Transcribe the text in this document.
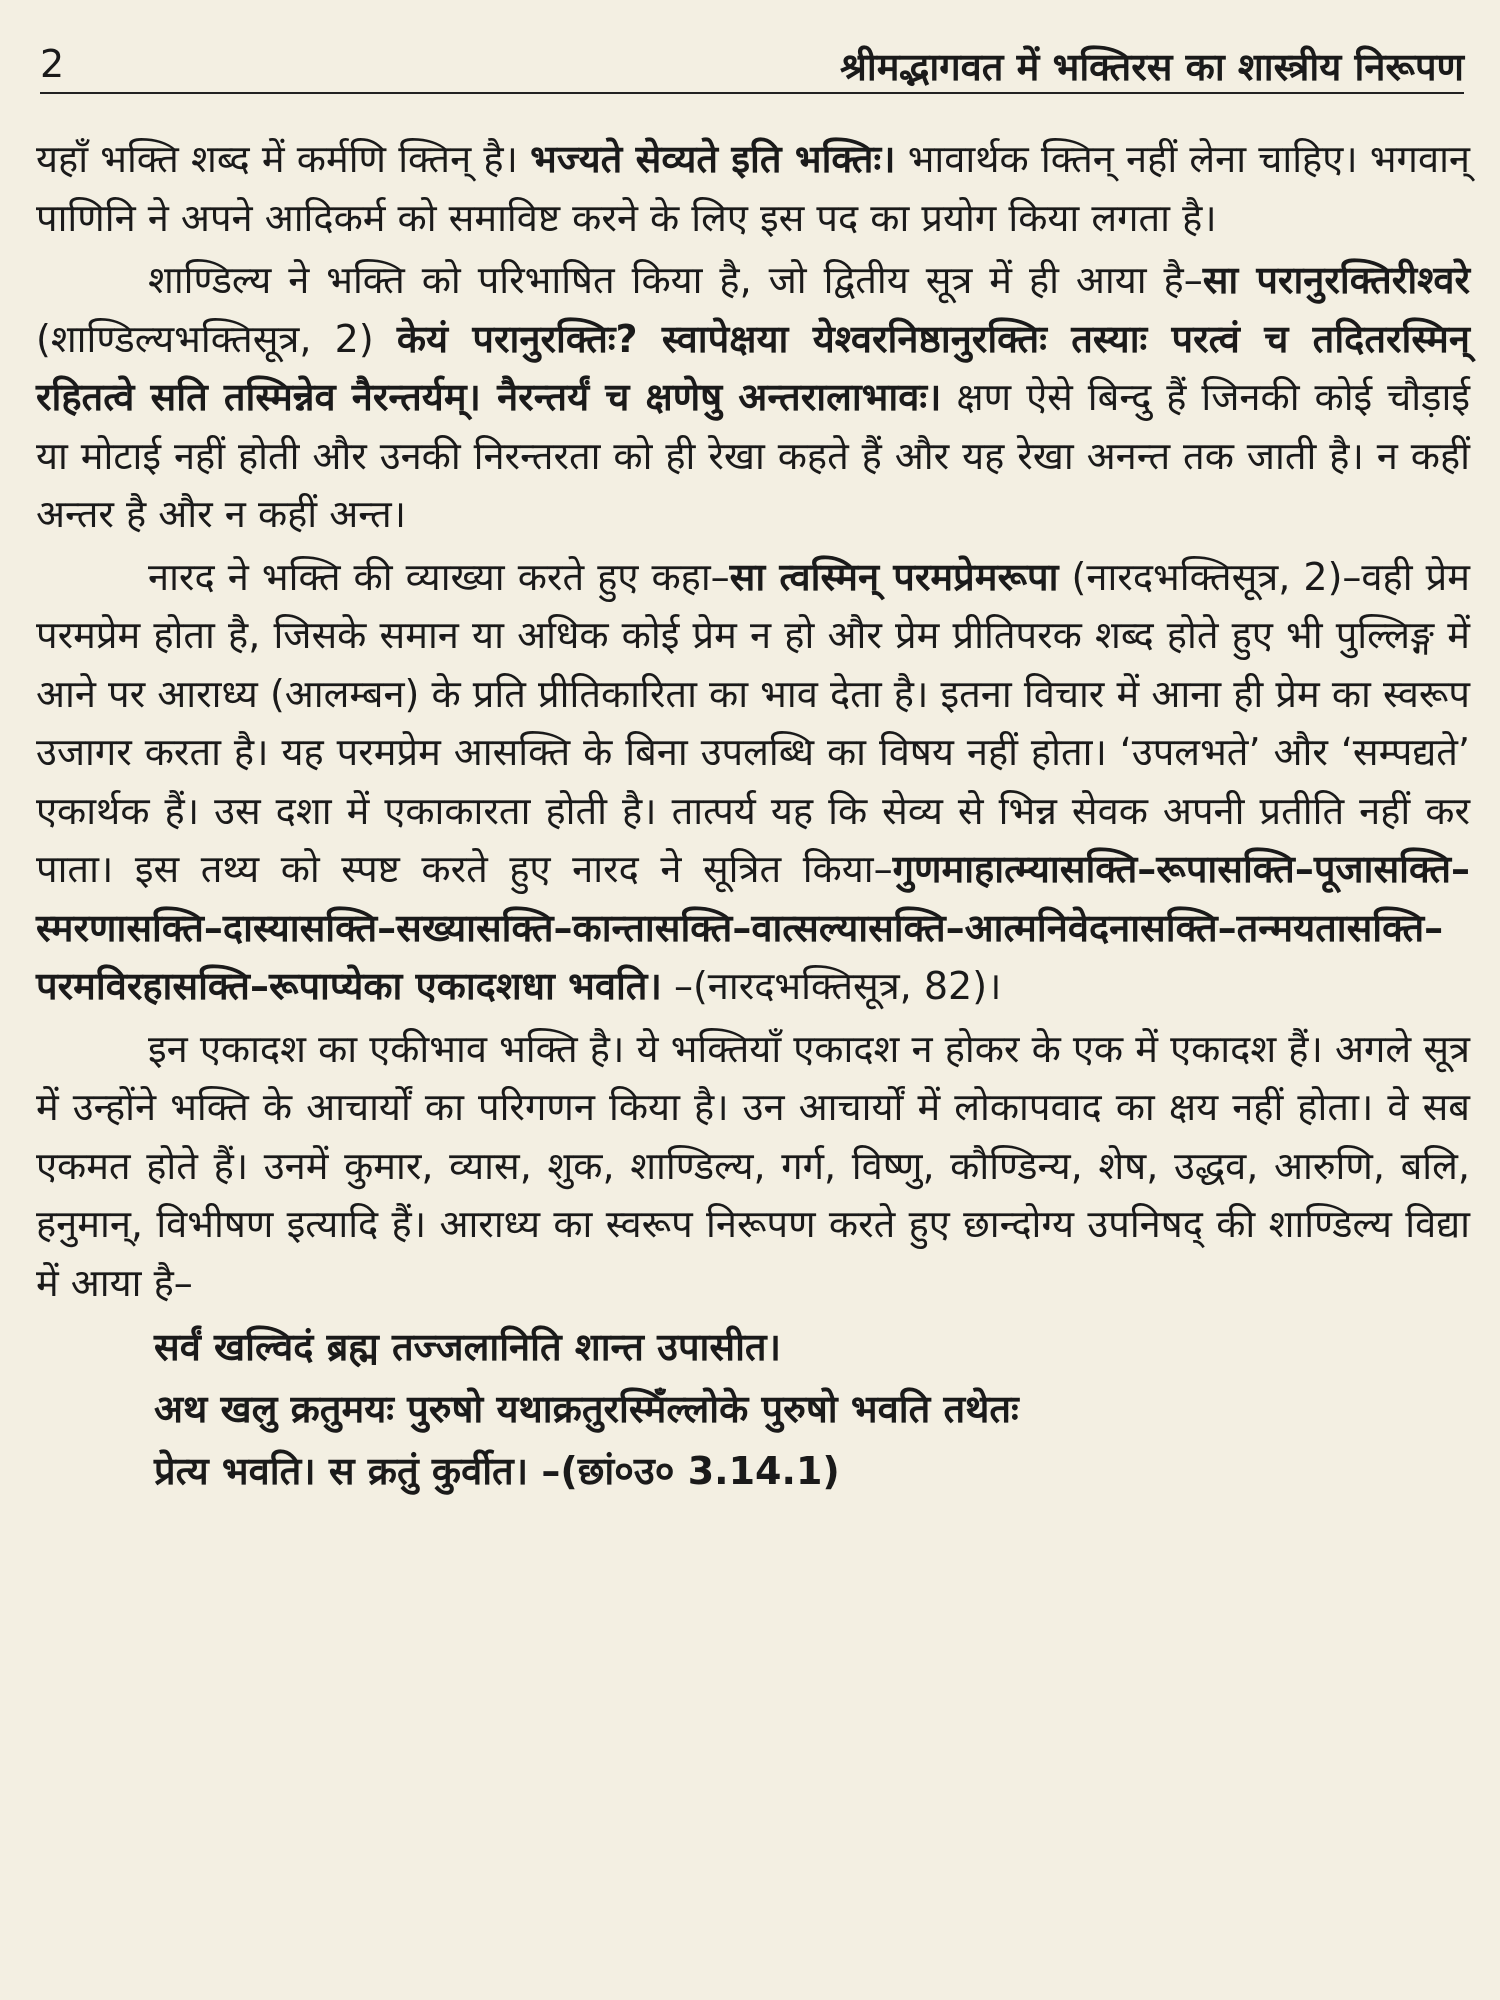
2	श्रीमद्भागवत में भक्तिरस का शास्त्रीय निरूपण

यहाँ भक्ति शब्द में कर्मणि क्तिन् है। भज्यते सेव्यते इति भक्तिः। भावार्थक क्तिन् नहीं लेना चाहिए। भगवान् पाणिनि ने अपने आदिकर्म को समाविष्ट करने के लिए इस पद का प्रयोग किया लगता है।

शाण्डिल्य ने भक्ति को परिभाषित किया है, जो द्वितीय सूत्र में ही आया है–सा परानुरक्तिरीश्वरे (शाण्डिल्यभक्तिसूत्र, 2) केयं परानुरक्तिः? स्वापेक्षया येश्वरनिष्ठानुरक्तिः तस्याः परत्वं च तदितरस्मिन् रहितत्वे सति तस्मिन्नेव नैरन्तर्यम्। नैरन्तर्यं च क्षणेषु अन्तरालाभावः। क्षण ऐसे बिन्दु हैं जिनकी कोई चौड़ाई या मोटाई नहीं होती और उनकी निरन्तरता को ही रेखा कहते हैं और यह रेखा अनन्त तक जाती है। न कहीं अन्तर है और न कहीं अन्त।

नारद ने भक्ति की व्याख्या करते हुए कहा–सा त्वस्मिन् परमप्रेमरूपा (नारदभक्तिसूत्र, 2)–वही प्रेम परमप्रेम होता है, जिसके समान या अधिक कोई प्रेम न हो और प्रेम प्रीतिपरक शब्द होते हुए भी पुल्लिङ्ग में आने पर आराध्य (आलम्बन) के प्रति प्रीतिकारिता का भाव देता है। इतना विचार में आना ही प्रेम का स्वरूप उजागर करता है। यह परमप्रेम आसक्ति के बिना उपलब्धि का विषय नहीं होता। ‘उपलभते’ और ‘सम्पद्यते’ एकार्थक हैं। उस दशा में एकाकारता होती है। तात्पर्य यह कि सेव्य से भिन्न सेवक अपनी प्रतीति नहीं कर पाता। इस तथ्य को स्पष्ट करते हुए नारद ने सूत्रित किया–गुणमाहात्म्यासक्ति–रूपासक्ति–पूजासक्ति–स्मरणासक्ति–दास्यासक्ति–सख्यासक्ति–कान्तासक्ति–वात्सल्यासक्ति–आत्मनिवेदनासक्ति–तन्मयतासक्ति–परमविरहासक्ति–रूपाप्येका एकादशधा भवति। –(नारदभक्तिसूत्र, 82)।

इन एकादश का एकीभाव भक्ति है। ये भक्तियाँ एकादश न होकर के एक में एकादश हैं। अगले सूत्र में उन्होंने भक्ति के आचार्यों का परिगणन किया है। उन आचार्यों में लोकापवाद का क्षय नहीं होता। वे सब एकमत होते हैं। उनमें कुमार, व्यास, शुक, शाण्डिल्य, गर्ग, विष्णु, कौण्डिन्य, शेष, उद्धव, आरुणि, बलि, हनुमान्, विभीषण इत्यादि हैं। आराध्य का स्वरूप निरूपण करते हुए छान्दोग्य उपनिषद् की शाण्डिल्य विद्या में आया है–

सर्वं खल्विदं ब्रह्म तज्जलानिति शान्त उपासीत।
अथ खलु क्रतुमयः पुरुषो यथाक्रतुरस्मिँल्लोके पुरुषो भवति तथेतः
प्रेत्य भवति। स क्रतुं कुर्वीत। –(छां०उ० 3.14.1)
